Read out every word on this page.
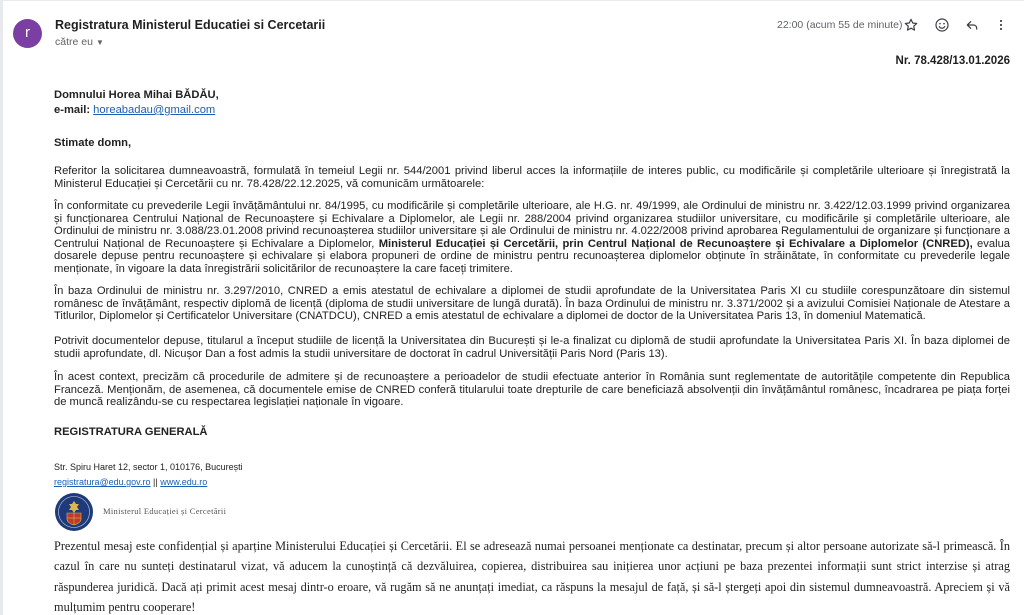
r	Registratura Ministerul Educatiei si Cercetarii
către eu ▼
22:00 (acum 55 de minute)
Nr. 78.428/13.01.2026
Domnului Horea Mihai BĂDĂU,
e-mail: horeabadau@gmail.com
Stimate domn,
Referitor la solicitarea dumneavoastră, formulată în temeiul Legii nr. 544/2001 privind liberul acces la informațiile de interes public, cu modificările și completările ulterioare și înregistrată la Ministerul Educației și Cercetării cu nr. 78.428/22.12.2025, vă comunicăm următoarele:
În conformitate cu prevederile Legii învățământului nr. 84/1995, cu modificările și completările ulterioare, ale H.G. nr. 49/1999, ale Ordinului de ministru nr. 3.422/12.03.1999 privind organizarea și funcționarea Centrului Național de Recunoaștere și Echivalare a Diplomelor, ale Legii nr. 288/2004 privind organizarea studiilor universitare, cu modificările și completările ulterioare, ale Ordinului de ministru nr. 3.088/23.01.2008 privind recunoașterea studiilor universitare și ale Ordinului de ministru nr. 4.022/2008 privind aprobarea Regulamentului de organizare și funcționare a Centrului Național de Recunoaștere și Echivalare a Diplomelor, Ministerul Educației și Cercetării, prin Centrul Național de Recunoaștere și Echivalare a Diplomelor (CNRED), evalua dosarele depuse pentru recunoaștere și echivalare și elabora propuneri de ordine de ministru pentru recunoașterea diplomelor obținute în străinătate, în conformitate cu prevederile legale menționate, în vigoare la data înregistrării solicitărilor de recunoaștere la care faceți trimitere.
În baza Ordinului de ministru nr. 3.297/2010, CNRED a emis atestatul de echivalare a diplomei de studii aprofundate de la Universitatea Paris XI cu studiile corespunzătoare din sistemul românesc de învățământ, respectiv diplomă de licență (diploma de studii universitare de lungă durată). În baza Ordinului de ministru nr. 3.371/2002 și a avizului Comisiei Naționale de Atestare a Titlurilor, Diplomelor și Certificatelor Universitare (CNATDCU), CNRED a emis atestatul de echivalare a diplomei de doctor de la Universitatea Paris 13, în domeniul Matematică.
Potrivit documentelor depuse, titularul a început studiile de licență la Universitatea din București și le-a finalizat cu diplomă de studii aprofundate la Universitatea Paris XI. În baza diplomei de studii aprofundate, dl. Nicușor Dan a fost admis la studii universitare de doctorat în cadrul Universității Paris Nord (Paris 13).
În acest context, precizăm că procedurile de admitere și de recunoaștere a perioadelor de studii efectuate anterior în România sunt reglementate de autoritățile competente din Republica Franceză. Menționăm, de asemenea, că documentele emise de CNRED conferă titularului toate drepturile de care beneficiază absolvenții din învățământul românesc, încadrarea pe piața forței de muncă realizându-se cu respectarea legislației naționale în vigoare.
REGISTRATURA GENERALĂ
Str. Spiru Haret 12, sector 1, 010176, București
registratura@edu.gov.ro || www.edu.ro
Ministerul Educației și Cercetării
Prezentul mesaj este confidențial și aparține Ministerului Educației și Cercetării. El se adresează numai persoanei menționate ca destinatar, precum și altor persoane autorizate să-l primească. În cazul în care nu sunteți destinatarul vizat, vă aducem la cunoștință că dezvăluirea, copierea, distribuirea sau inițierea unor acțiuni pe baza prezentei informații sunt strict interzise și atrag răspunderea juridică. Dacă ați primit acest mesaj dintr-o eroare, vă rugăm să ne anunțați imediat, ca răspuns la mesajul de față, și să-l ștergeți apoi din sistemul dumneavoastră. Apreciem și vă mulțumim pentru cooperare!
